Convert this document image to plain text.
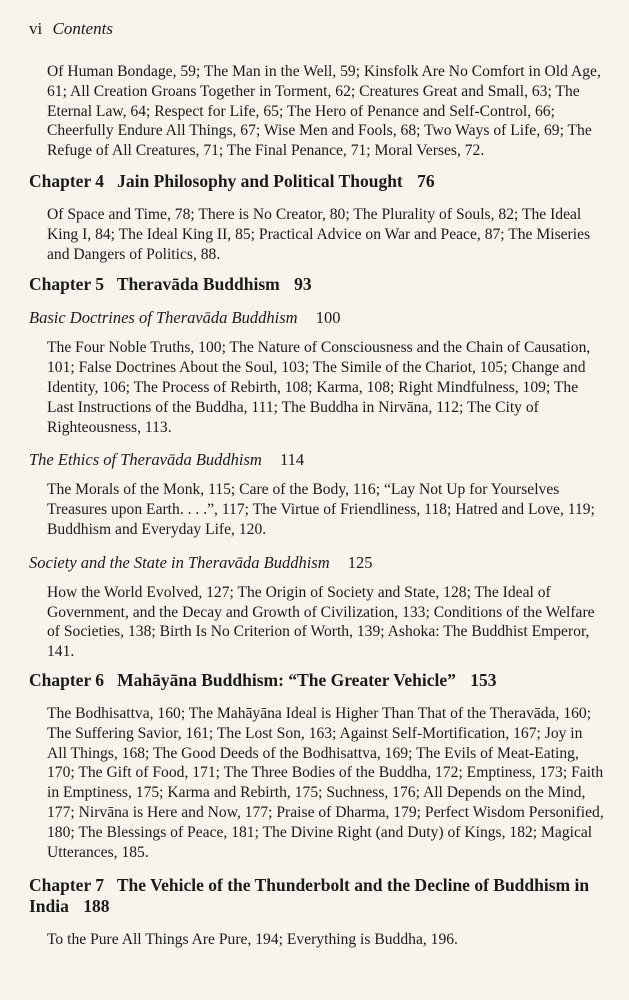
vi Contents

Of Human Bondage, 59; The Man in the Well, 59; Kinsfolk Are No Comfort in Old Age, 61; All Creation Groans Together in Torment, 62; Creatures Great and Small, 63; The Eternal Law, 64; Respect for Life, 65; The Hero of Penance and Self-Control, 66; Cheerfully Endure All Things, 67; Wise Men and Fools, 68; Two Ways of Life, 69; The Refuge of All Creatures, 71; The Final Penance, 71; Moral Verses, 72.

Chapter 4 Jain Philosophy and Political Thought 76

Of Space and Time, 78; There is No Creator, 80; The Plurality of Souls, 82; The Ideal King I, 84; The Ideal King II, 85; Practical Advice on War and Peace, 87; The Miseries and Dangers of Politics, 88.

Chapter 5 Theravāda Buddhism 93
Basic Doctrines of Theravāda Buddhism 100

The Four Noble Truths, 100; The Nature of Consciousness and the Chain of Causation, 101; False Doctrines About the Soul, 103; The Simile of the Chariot, 105; Change and Identity, 106; The Process of Rebirth, 108; Karma, 108; Right Mindfulness, 109; The Last Instructions of the Buddha, 111; The Buddha in Nirvāna, 112; The City of Righteousness, 113.

The Ethics of Theravāda Buddhism 114

The Morals of the Monk, 115; Care of the Body, 116; “Lay Not Up for Yourselves Treasures upon Earth. . . .”, 117; The Virtue of Friendliness, 118; Hatred and Love, 119; Buddhism and Everyday Life, 120.

Society and the State in Theravāda Buddhism 125

How the World Evolved, 127; The Origin of Society and State, 128; The Ideal of Government, and the Decay and Growth of Civilization, 133; Conditions of the Welfare of Societies, 138; Birth Is No Criterion of Worth, 139; Ashoka: The Buddhist Emperor, 141.

Chapter 6 Mahāyāna Buddhism: “The Greater Vehicle” 153

The Bodhisattva, 160; The Mahāyāna Ideal is Higher Than That of the Theravāda, 160; The Suffering Savior, 161; The Lost Son, 163; Against Self-Mortification, 167; Joy in All Things, 168; The Good Deeds of the Bodhisattva, 169; The Evils of Meat-Eating, 170; The Gift of Food, 171; The Three Bodies of the Buddha, 172; Emptiness, 173; Faith in Emptiness, 175; Karma and Rebirth, 175; Suchness, 176; All Depends on the Mind, 177; Nirvāna is Here and Now, 177; Praise of Dharma, 179; Perfect Wisdom Personified, 180; The Blessings of Peace, 181; The Divine Right (and Duty) of Kings, 182; Magical Utterances, 185.

Chapter 7 The Vehicle of the Thunderbolt and the Decline of Buddhism in India 188

To the Pure All Things Are Pure, 194; Everything is Buddha, 196.
